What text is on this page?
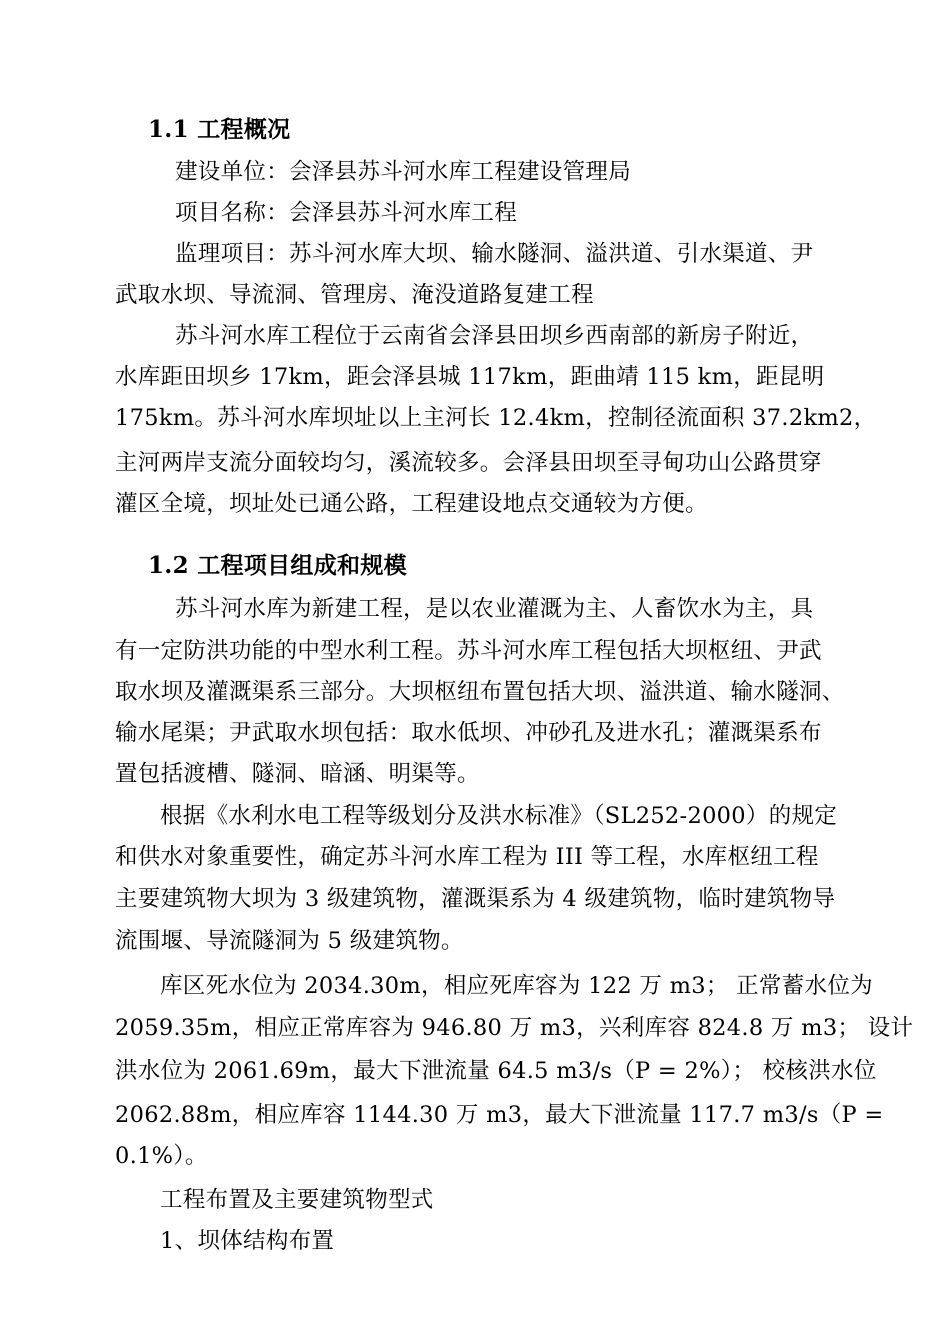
1.1 工程概况
建设单位：会泽县苏斗河水库工程建设管理局
项目名称：会泽县苏斗河水库工程
监理项目：苏斗河水库大坝、输水隧洞、溢洪道、引水渠道、尹
武取水坝、导流洞、管理房、淹没道路复建工程
苏斗河水库工程位于云南省会泽县田坝乡西南部的新房子附近，
水库距田坝乡 17km，距会泽县城 117km，距曲靖 115 km，距昆明
175km。苏斗河水库坝址以上主河长 12.4km，控制径流面积 37.2km2，
主河两岸支流分面较均匀，溪流较多。会泽县田坝至寻甸功山公路贯穿
灌区全境，坝址处已通公路，工程建设地点交通较为方便。
1.2 工程项目组成和规模
苏斗河水库为新建工程，是以农业灌溉为主、人畜饮水为主，具
有一定防洪功能的中型水利工程。苏斗河水库工程包括大坝枢纽、尹武
取水坝及灌溉渠系三部分。大坝枢纽布置包括大坝、溢洪道、输水隧洞、
输水尾渠；尹武取水坝包括：取水低坝、冲砂孔及进水孔；灌溉渠系布
置包括渡槽、隧洞、暗涵、明渠等。
根据《水利水电工程等级划分及洪水标准》（SL252-2000）的规定
和供水对象重要性，确定苏斗河水库工程为 III 等工程，水库枢纽工程
主要建筑物大坝为 3 级建筑物，灌溉渠系为 4 级建筑物，临时建筑物导
流围堰、导流隧洞为 5 级建筑物。
库区死水位为 2034.30m，相应死库容为 122 万 m3； 正常蓄水位为
2059.35m，相应正常库容为 946.80 万 m3，兴利库容 824.8 万 m3； 设计
洪水位为 2061.69m，最大下泄流量 64.5 m3/s（P = 2%）； 校核洪水位
2062.88m，相应库容 1144.30 万 m3，最大下泄流量 117.7 m3/s（P =
0.1%）。
工程布置及主要建筑物型式
1、坝体结构布置
